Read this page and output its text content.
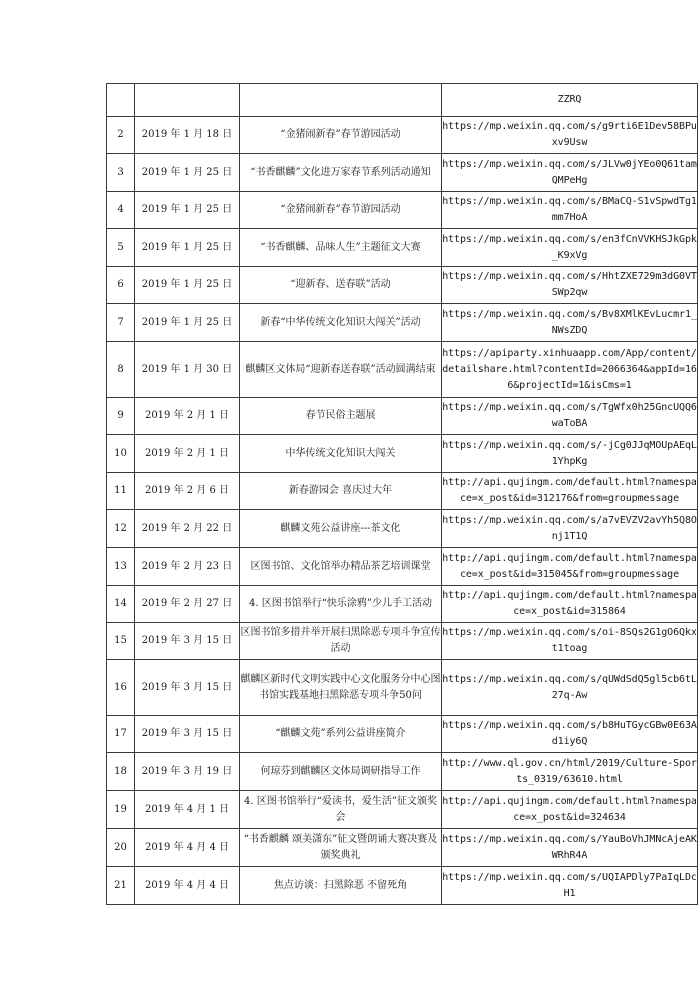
			ZZRQ
2	2019 年 1 月 18 日	“金猪闹新春”春节游园活动	https://mp.weixin.qq.com/s/g9rti6E1Dev58BPuxv9Usw
3	2019 年 1 月 25 日	“书香麒麟”文化进万家春节系列活动通知	https://mp.weixin.qq.com/s/JLVw0jYEo0Q61tamQMPeHg
4	2019 年 1 月 25 日	“金猪闹新春”春节游园活动	https://mp.weixin.qq.com/s/BMaCQ-S1vSpwdTg1mm7HoA
5	2019 年 1 月 25 日	“书香麒麟、品味人生”主题征文大赛	https://mp.weixin.qq.com/s/en3fCnVVKHSJkGpk_K9xVg
6	2019 年 1 月 25 日	“迎新春、送春联”活动	https://mp.weixin.qq.com/s/HhtZXE729m3dG0VTSWp2qw
7	2019 年 1 月 25 日	新春“中华传统文化知识大闯关”活动	https://mp.weixin.qq.com/s/Bv8XMlKEvLucmr1_NWsZDQ
8	2019 年 1 月 30 日	麒麟区文体局“迎新春送春联”活动圆满结束	https://apiparty.xinhuaapp.com/App/content/detailshare.html?contentId=2066364&appId=166&projectId=1&isCms=1
9	2019 年 2 月 1 日	春节民俗主题展	https://mp.weixin.qq.com/s/TgWfx0h25GncUQQ6waToBA
10	2019 年 2 月 1 日	中华传统文化知识大闯关	https://mp.weixin.qq.com/s/-jCg0JJqMOUpAEqL1YhpKg
11	2019 年 2 月 6 日	新春游园会 喜庆过大年	http://api.qujingm.com/default.html?namespace=x_post&id=312176&from=groupmessage
12	2019 年 2 月 22 日	麒麟文苑公益讲座---茶文化	https://mp.weixin.qq.com/s/a7vEVZV2avYh5Q8Onj1T1Q
13	2019 年 2 月 23 日	区图书馆、文化馆举办精品茶艺培训课堂	http://api.qujingm.com/default.html?namespace=x_post&id=315045&from=groupmessage
14	2019 年 2 月 27 日	4. 区图书馆举行“快乐涂鸦”少儿手工活动	http://api.qujingm.com/default.html?namespace=x_post&id=315864
15	2019 年 3 月 15 日	区图书馆多措并举开展扫黑除恶专项斗争宣传活动	https://mp.weixin.qq.com/s/oi-8SQs2G1gO6Qkxt1toag
16	2019 年 3 月 15 日	麒麟区新时代文明实践中心文化服务分中心图书馆实践基地扫黑除恶专项斗争50问	https://mp.weixin.qq.com/s/qUWdSdQ5gl5cb6tL27q-Aw
17	2019 年 3 月 15 日	“麒麟文苑”系列公益讲座简介	https://mp.weixin.qq.com/s/b8HuTGycGBw0E63Ad1iy6Q
18	2019 年 3 月 19 日	何琼芬到麒麟区文体局调研指导工作	http://www.ql.gov.cn/html/2019/Culture-Sports_0319/63610.html
19	2019 年 4 月 1 日	4. 区图书馆举行“爱读书，爱生活”征文颁奖会	http://api.qujingm.com/default.html?namespace=x_post&id=324634
20	2019 年 4 月 4 日	“书香麒麟 颂美潇东”征文暨朗诵大赛决赛及颁奖典礼	https://mp.weixin.qq.com/s/YauBoVhJMNcAjeAKWRhR4A
21	2019 年 4 月 4 日	焦点访谈：扫黑除恶 不留死角	https://mp.weixin.qq.com/s/UQIAPDly7PaIqLDcH1
